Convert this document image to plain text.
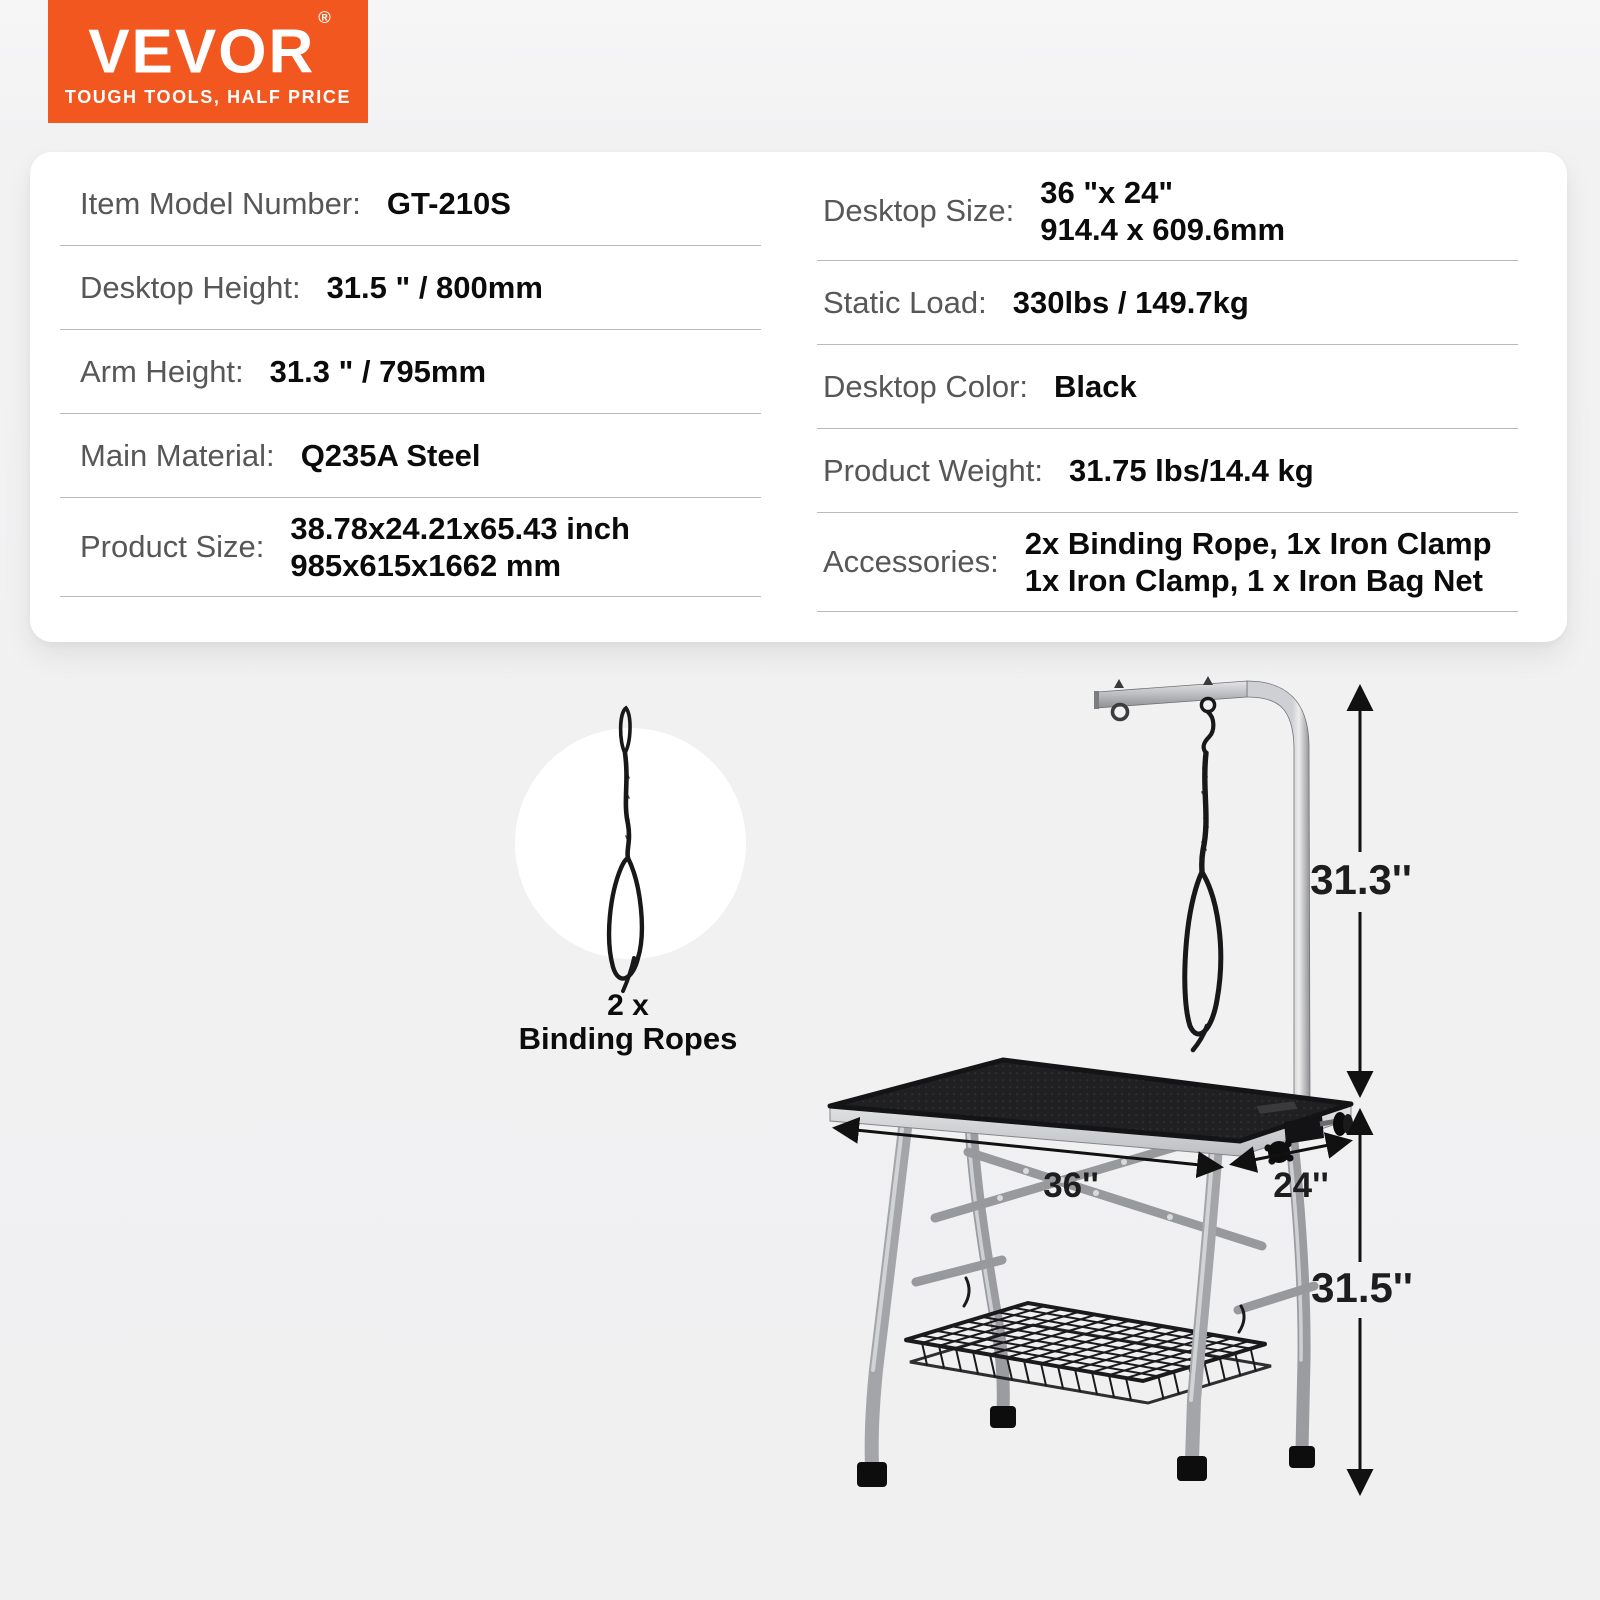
VEVOR®
TOUGH TOOLS, HALF PRICE
Item Model Number: GT-210S
Desktop Height: 31.5 " / 800mm
Arm Height: 31.3 " / 795mm
Main Material: Q235A Steel
Product Size:
38.78x24.21x65.43 inch
985x615x1662 mm
Desktop Size:
36 "x 24"
914.4 x 609.6mm
Static Load: 330lbs / 149.7kg
Desktop Color: Black
Product Weight: 31.75 lbs/14.4 kg
Accessories:
2x Binding Rope, 1x Iron Clamp
1x Iron Clamp, 1 x Iron Bag Net
2 x
Binding Ropes
31.3''
36''	24''
31.5''
